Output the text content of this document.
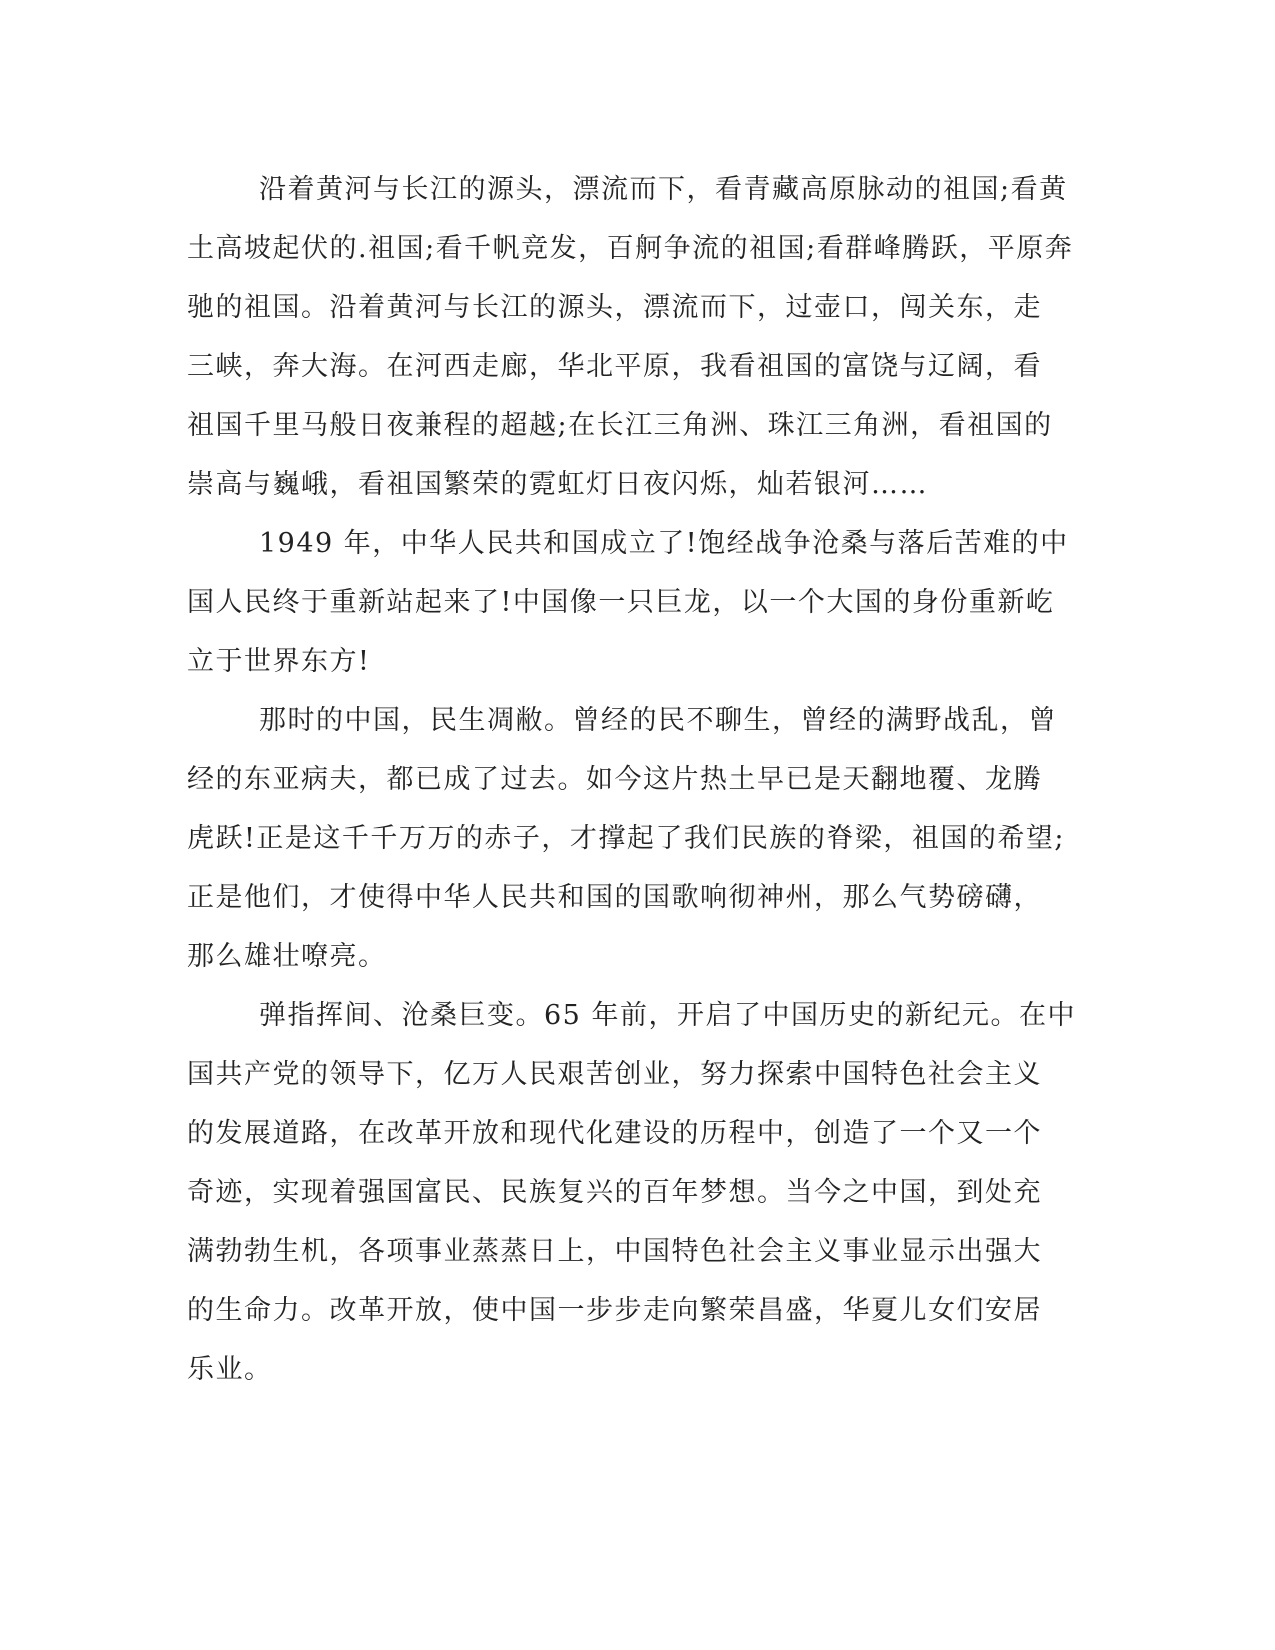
沿着黄河与长江的源头，漂流而下，看青藏高原脉动的祖国;看黄
土高坡起伏的.祖国;看千帆竞发，百舸争流的祖国;看群峰腾跃，平原奔
驰的祖国。沿着黄河与长江的源头，漂流而下，过壶口，闯关东，走
三峡，奔大海。在河西走廊，华北平原，我看祖国的富饶与辽阔，看
祖国千里马般日夜兼程的超越;在长江三角洲、珠江三角洲，看祖国的
崇高与巍峨，看祖国繁荣的霓虹灯日夜闪烁，灿若银河……
1949 年，中华人民共和国成立了!饱经战争沧桑与落后苦难的中
国人民终于重新站起来了!中国像一只巨龙，以一个大国的身份重新屹
立于世界东方!
那时的中国，民生凋敝。曾经的民不聊生，曾经的满野战乱，曾
经的东亚病夫，都已成了过去。如今这片热土早已是天翻地覆、龙腾
虎跃!正是这千千万万的赤子，才撑起了我们民族的脊梁，祖国的希望;
正是他们，才使得中华人民共和国的国歌响彻神州，那么气势磅礴，
那么雄壮嘹亮。
弹指挥间、沧桑巨变。65 年前，开启了中国历史的新纪元。在中
国共产党的领导下，亿万人民艰苦创业，努力探索中国特色社会主义
的发展道路，在改革开放和现代化建设的历程中，创造了一个又一个
奇迹，实现着强国富民、民族复兴的百年梦想。当今之中国，到处充
满勃勃生机，各项事业蒸蒸日上，中国特色社会主义事业显示出强大
的生命力。改革开放，使中国一步步走向繁荣昌盛，华夏儿女们安居
乐业。
